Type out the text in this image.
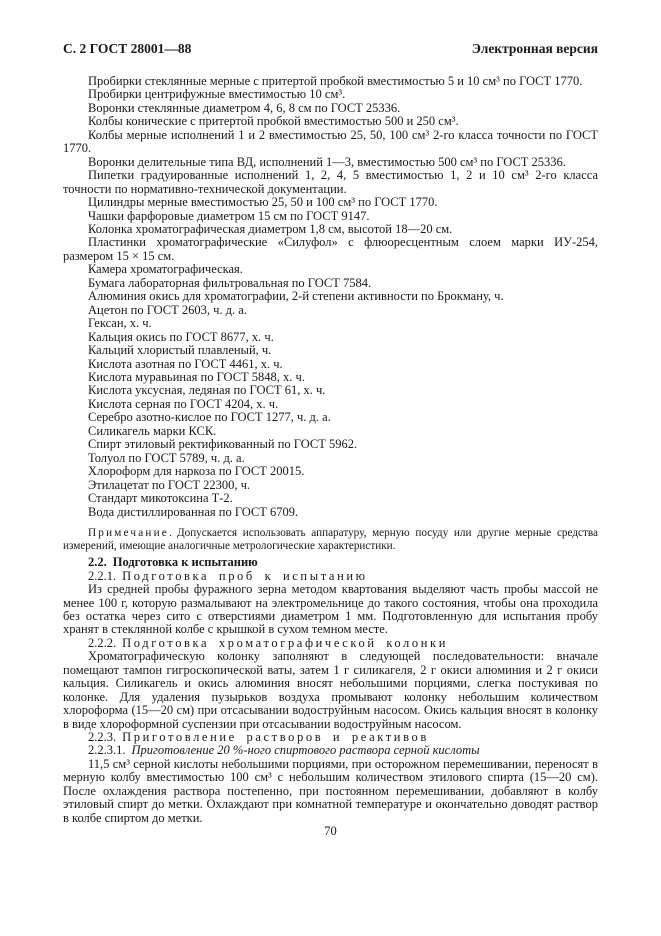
С. 2 ГОСТ 28001—88	Электронная версия

Пробирки стеклянные мерные с притертой пробкой вместимостью 5 и 10 см³ по ГОСТ 1770.

Пробирки центрифужные вместимостью 10 см³.

Воронки стеклянные диаметром 4, 6, 8 см по ГОСТ 25336.

Колбы конические с притертой пробкой вместимостью 500 и 250 см³.

Колбы мерные исполнений 1 и 2 вместимостью 25, 50, 100 см³ 2-го класса точности по ГОСТ 1770.

Воронки делительные типа ВД, исполнений 1—3, вместимостью 500 см³ по ГОСТ 25336.

Пипетки градуированные исполнений 1, 2, 4, 5 вместимостью 1, 2 и 10 см³ 2-го класса точности по нормативно-технической документации.

Цилиндры мерные вместимостью 25, 50 и 100 см³ по ГОСТ 1770.

Чашки фарфоровые диаметром 15 см по ГОСТ 9147.

Колонка хроматографическая диаметром 1,8 см, высотой 18—20 см.

Пластинки хроматографические «Силуфол» с флюоресцентным слоем марки ИУ-254, размером 15 × 15 см.

Камера хроматографическая.

Бумага лабораторная фильтровальная по ГОСТ 7584.

Алюминия окись для хроматографии, 2-й степени активности по Брокману, ч.

Ацетон по ГОСТ 2603, ч. д. а.

Гексан, х. ч.

Кальция окись по ГОСТ 8677, х. ч.

Кальций хлористый плавленый, ч.

Кислота азотная по ГОСТ 4461, х. ч.

Кислота муравьиная по ГОСТ 5848, х. ч.

Кислота уксусная, ледяная по ГОСТ 61, х. ч.

Кислота серная по ГОСТ 4204, х. ч.

Серебро азотно-кислое по ГОСТ 1277, ч. д. а.

Силикагель марки КСК.

Спирт этиловый ректификованный по ГОСТ 5962.

Толуол по ГОСТ 5789, ч. д. а.

Хлороформ для наркоза по ГОСТ 20015.

Этилацетат по ГОСТ 22300, ч.

Стандарт микотоксина Т-2.

Вода дистиллированная по ГОСТ 6709.

Примечание. Допускается использовать аппаратуру, мерную посуду или другие мерные средства измерений, имеющие аналогичные метрологические характеристики.

2.2. Подготовка к испытанию

2.2.1. Подготовка проб к испытанию

Из средней пробы фуражного зерна методом квартования выделяют часть пробы массой не менее 100 г, которую размалывают на электромельнице до такого состояния, чтобы она проходила без остатка через сито с отверстиями диаметром 1 мм. Подготовленную для испытания пробу хранят в стеклянной колбе с крышкой в сухом темном месте.

2.2.2. Подготовка хроматографической колонки

Хроматографическую колонку заполняют в следующей последовательности: вначале помещают тампон гигроскопической ваты, затем 1 г силикагеля, 2 г окиси алюминия и 2 г окиси кальция. Силикагель и окись алюминия вносят небольшими порциями, слегка постукивая по колонке. Для удаления пузырьков воздуха промывают колонку небольшим количеством хлороформа (15—20 см) при отсасывании водоструйным насосом. Окись кальция вносят в колонку в виде хлороформной суспензии при отсасывании водоструйным насосом.

2.2.3. Приготовление растворов и реактивов

2.2.3.1. Приготовление 20 %-ного спиртового раствора серной кислоты

11,5 см³ серной кислоты небольшими порциями, при осторожном перемешивании, переносят в мерную колбу вместимостью 100 см³ с небольшим количеством этилового спирта (15—20 см). После охлаждения раствора постепенно, при постоянном перемешивании, добавляют в колбу этиловый спирт до метки. Охлаждают при комнатной температуре и окончательно доводят раствор в колбе спиртом до метки.

70
